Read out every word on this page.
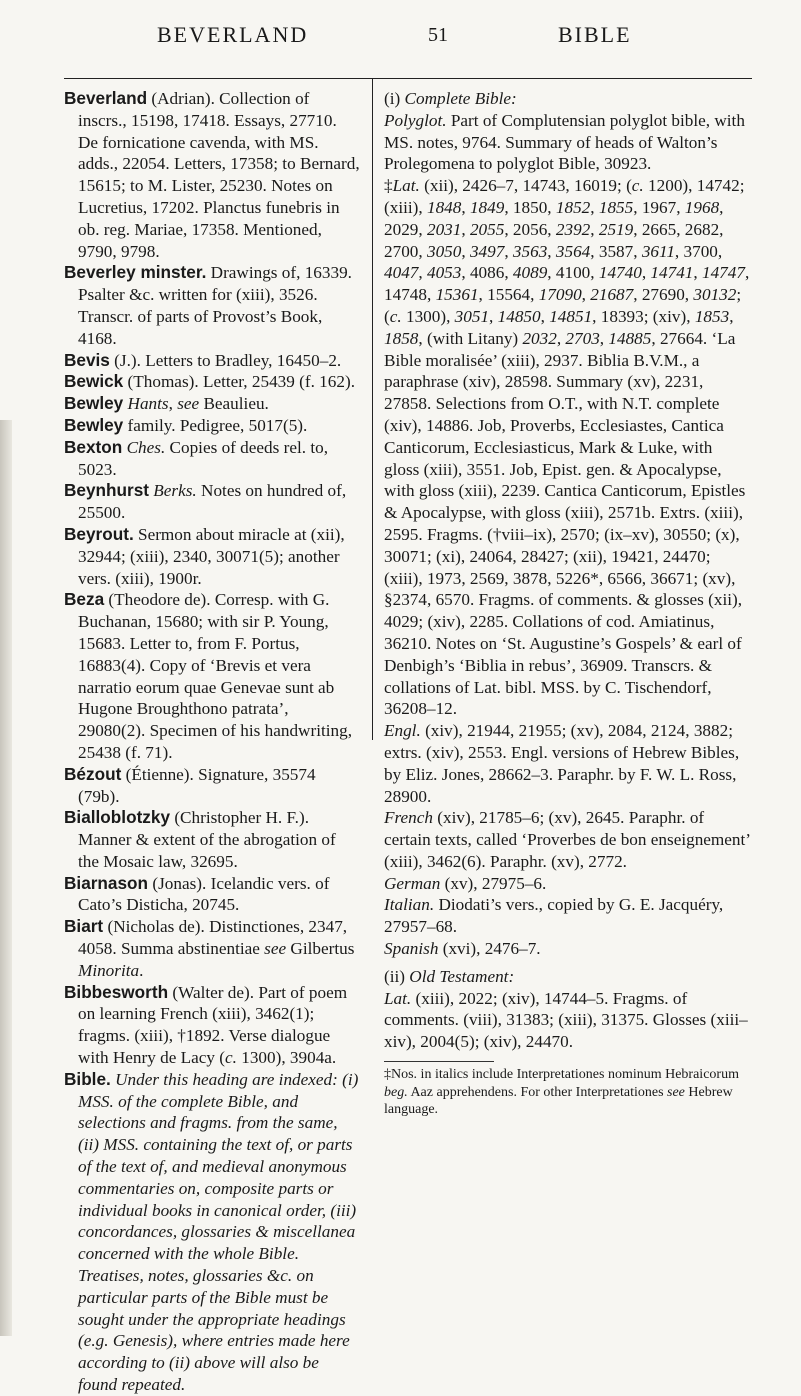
BEVERLAND	51	BIBLE

Beverland (Adrian). Collection of inscrs., 15198, 17418. Essays, 27710. De fornicatione cavenda, with MS. adds., 22054. Letters, 17358; to Bernard, 15615; to M. Lister, 25230. Notes on Lucretius, 17202. Planctus funebris in ob. reg. Mariae, 17358. Mentioned, 9790, 9798.

Beverley minster. Drawings of, 16339. Psalter &c. written for (xiii), 3526. Transcr. of parts of Provost’s Book, 4168.

Bevis (J.). Letters to Bradley, 16450–2.

Bewick (Thomas). Letter, 25439 (f. 162).

Bewley Hants, see Beaulieu.

Bewley family. Pedigree, 5017(5).

Bexton Ches. Copies of deeds rel. to, 5023.

Beynhurst Berks. Notes on hundred of, 25500.

Beyrout. Sermon about miracle at (xii), 32944; (xiii), 2340, 30071(5); another vers. (xiii), 1900r.

Beza (Theodore de). Corresp. with G. Buchanan, 15680; with sir P. Young, 15683. Letter to, from F. Portus, 16883(4). Copy of ‘Brevis et vera narratio eorum quae Genevae sunt ab Hugone Broughthono patrata’, 29080(2). Specimen of his handwriting, 25438 (f. 71).

Bézout (Étienne). Signature, 35574 (79b).

Bialloblotzky (Christopher H. F.). Manner & extent of the abrogation of the Mosaic law, 32695.

Biarnason (Jonas). Icelandic vers. of Cato’s Disticha, 20745.

Biart (Nicholas de). Distinctiones, 2347, 4058. Summa abstinentiae see Gilbertus Minorita.

Bibbesworth (Walter de). Part of poem on learning French (xiii), 3462(1); fragms. (xiii), †1892. Verse dialogue with Henry de Lacy (c. 1300), 3904a.

Bible. Under this heading are indexed: (i) MSS. of the complete Bible, and selections and fragms. from the same, (ii) MSS. containing the text of, or parts of the text of, and medieval anonymous commentaries on, composite parts or individual books in canonical order, (iii) concordances, glossaries & miscellanea concerned with the whole Bible. Treatises, notes, glossaries &c. on particular parts of the Bible must be sought under the appropriate headings (e.g. Genesis), where entries made here according to (ii) above will also be found repeated.

(i) Complete Bible:

Polyglot. Part of Complutensian polyglot bible, with MS. notes, 9764. Summary of heads of Walton’s Prolegomena to polyglot Bible, 30923.

‡Lat. (xii), 2426–7, 14743, 16019; (c. 1200), 14742; (xiii), 1848, 1849, 1850, 1852, 1855, 1967, 1968, 2029, 2031, 2055, 2056, 2392, 2519, 2665, 2682, 2700, 3050, 3497, 3563, 3564, 3587, 3611, 3700, 4047, 4053, 4086, 4089, 4100, 14740, 14741, 14747, 14748, 15361, 15564, 17090, 21687, 27690, 30132; (c. 1300), 3051, 14850, 14851, 18393; (xiv), 1853, 1858, (with Litany) 2032, 2703, 14885, 27664. ‘La Bible moralisée’ (xiii), 2937. Biblia B.V.M., a paraphrase (xiv), 28598. Summary (xv), 2231, 27858. Selections from O.T., with N.T. complete (xiv), 14886. Job, Proverbs, Ecclesiastes, Cantica Canticorum, Ecclesiasticus, Mark & Luke, with gloss (xiii), 3551. Job, Epist. gen. & Apocalypse, with gloss (xiii), 2239. Cantica Canticorum, Epistles & Apocalypse, with gloss (xiii), 2571b. Extrs. (xiii), 2595. Fragms. (†viii–ix), 2570; (ix–xv), 30550; (x), 30071; (xi), 24064, 28427; (xii), 19421, 24470; (xiii), 1973, 2569, 3878, 5226*, 6566, 36671; (xv), §2374, 6570. Fragms. of comments. & glosses (xii), 4029; (xiv), 2285. Collations of cod. Amiatinus, 36210. Notes on ‘St. Augustine’s Gospels’ & earl of Denbigh’s ‘Biblia in rebus’, 36909. Transcrs. & collations of Lat. bibl. MSS. by C. Tischendorf, 36208–12.

Engl. (xiv), 21944, 21955; (xv), 2084, 2124, 3882; extrs. (xiv), 2553. Engl. versions of Hebrew Bibles, by Eliz. Jones, 28662–3. Paraphr. by F. W. L. Ross, 28900.

French (xiv), 21785–6; (xv), 2645. Paraphr. of certain texts, called ‘Proverbes de bon enseignement’ (xiii), 3462(6). Paraphr. (xv), 2772.

German (xv), 27975–6.

Italian. Diodati’s vers., copied by G. E. Jacquéry, 27957–68.

Spanish (xvi), 2476–7.

(ii) Old Testament:

Lat. (xiii), 2022; (xiv), 14744–5. Fragms. of comments. (viii), 31383; (xiii), 31375. Glosses (xiii–xiv), 2004(5); (xiv), 24470.

‡Nos. in italics include Interpretationes nominum Hebraicorum beg. Aaz apprehendens. For other Interpretationes see Hebrew language.
